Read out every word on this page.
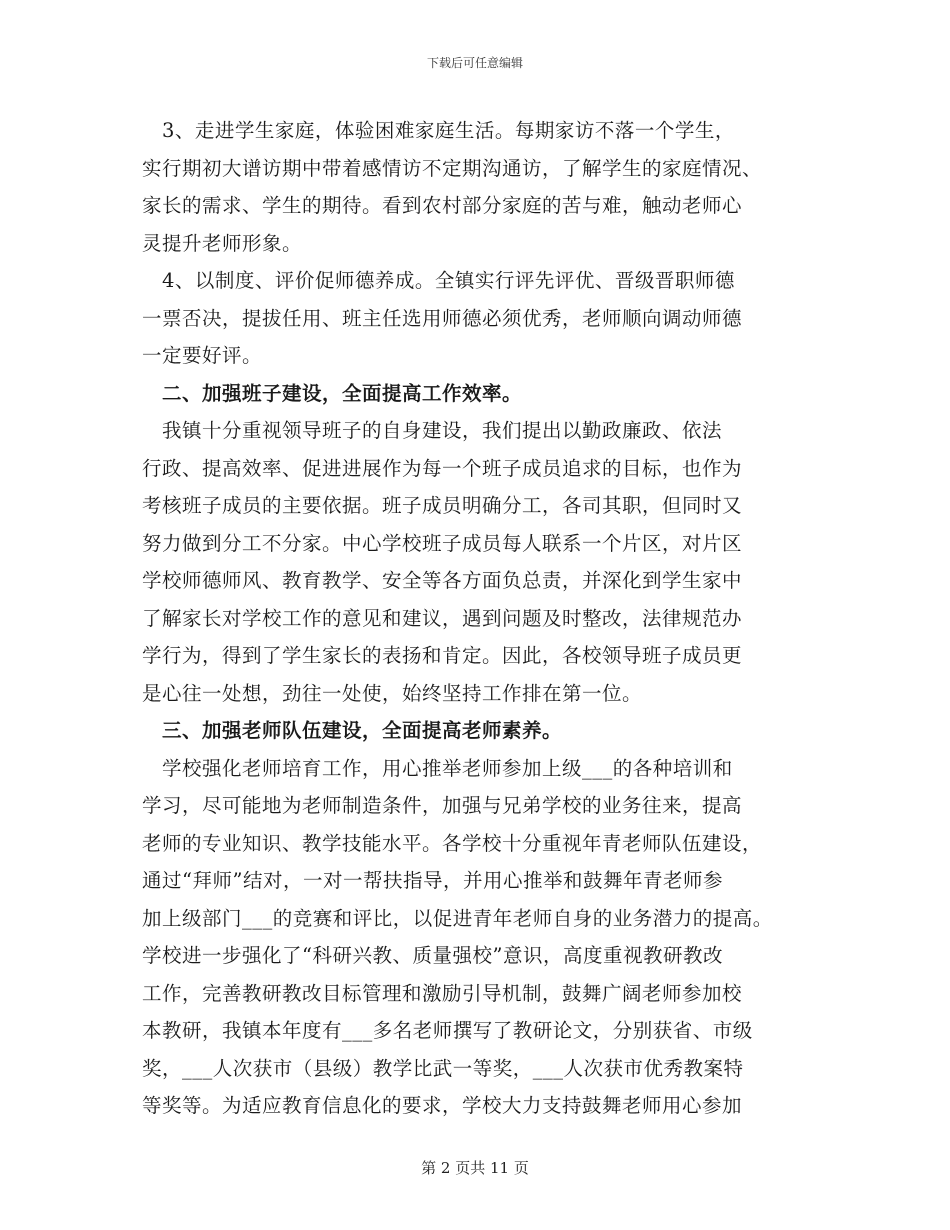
下载后可任意编辑
　3、走进学生家庭，体验困难家庭生活。每期家访不落一个学生，
实行期初大谱访期中带着感情访不定期沟通访，了解学生的家庭情况、
家长的需求、学生的期待。看到农村部分家庭的苦与难，触动老师心
灵提升老师形象。
　4、以制度、评价促师德养成。全镇实行评先评优、晋级晋职师德
一票否决，提拔任用、班主任选用师德必须优秀，老师顺向调动师德
一定要好评。
　二、加强班子建设，全面提高工作效率。
　我镇十分重视领导班子的自身建设，我们提出以勤政廉政、依法
行政、提高效率、促进进展作为每一个班子成员追求的目标，也作为
考核班子成员的主要依据。班子成员明确分工，各司其职，但同时又
努力做到分工不分家。中心学校班子成员每人联系一个片区，对片区
学校师德师风、教育教学、安全等各方面负总责，并深化到学生家中
了解家长对学校工作的意见和建议，遇到问题及时整改，法律规范办
学行为，得到了学生家长的表扬和肯定。因此，各校领导班子成员更
是心往一处想，劲往一处使，始终坚持工作排在第一位。
　三、加强老师队伍建设，全面提高老师素养。
　学校强化老师培育工作，用心推举老师参加上级___的各种培训和
学习，尽可能地为老师制造条件，加强与兄弟学校的业务往来，提高
老师的专业知识、教学技能水平。各学校十分重视年青老师队伍建设，
通过“拜师”结对，一对一帮扶指导，并用心推举和鼓舞年青老师参
加上级部门___的竞赛和评比，以促进青年老师自身的业务潜力的提高。
学校进一步强化了“科研兴教、质量强校”意识，高度重视教研教改
工作，完善教研教改目标管理和激励引导机制，鼓舞广阔老师参加校
本教研，我镇本年度有___多名老师撰写了教研论文，分别获省、市级
奖，___人次获市（县级）教学比武一等奖，___人次获市优秀教案特
等奖等。为适应教育信息化的要求，学校大力支持鼓舞老师用心参加
第 2 页共 11 页
